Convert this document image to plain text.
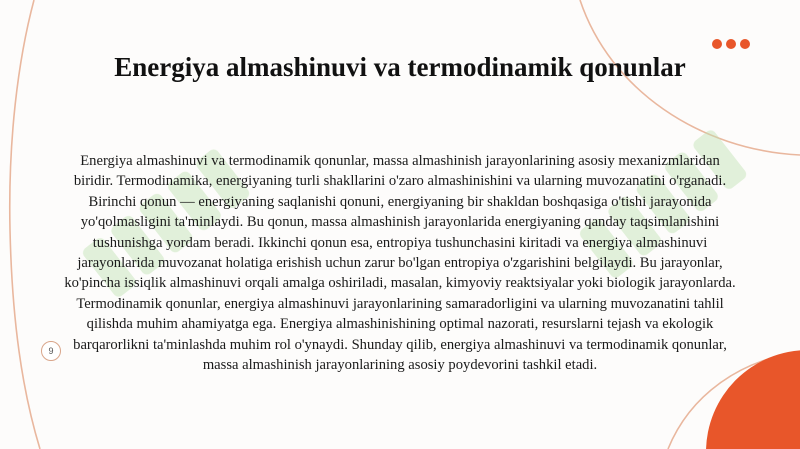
Energiya almashinuvi va termodinamik qonunlar

Energiya almashinuvi va termodinamik qonunlar, massa almashinish jarayonlarining asosiy mexanizmlaridan biridir. Termodinamika, energiyaning turli shakllarini o'zaro almashinishini va ularning muvozanatini o'rganadi. Birinchi qonun — energiyaning saqlanishi qonuni, energiyaning bir shakldan boshqasiga o'tishi jarayonida yo'qolmasligini ta'minlaydi. Bu qonun, massa almashinish jarayonlarida energiyaning qanday taqsimlanishini tushunishga yordam beradi. Ikkinchi qonun esa, entropiya tushunchasini kiritadi va energiya almashinuvi jarayonlarida muvozanat holatiga erishish uchun zarur bo'lgan entropiya o'zgarishini belgilaydi. Bu jarayonlar, ko'pincha issiqlik almashinuvi orqali amalga oshiriladi, masalan, kimyoviy reaktsiyalar yoki biologik jarayonlarda. Termodinamik qonunlar, energiya almashinuvi jarayonlarining samaradorligini va ularning muvozanatini tahlil qilishda muhim ahamiyatga ega. Energiya almashinishining optimal nazorati, resurslarni tejash va ekologik barqarorlikni ta'minlashda muhim rol o'ynaydi. Shunday qilib, energiya almashinuvi va termodinamik qonunlar, massa almashinish jarayonlarining asosiy poydevorini tashkil etadi.

9
